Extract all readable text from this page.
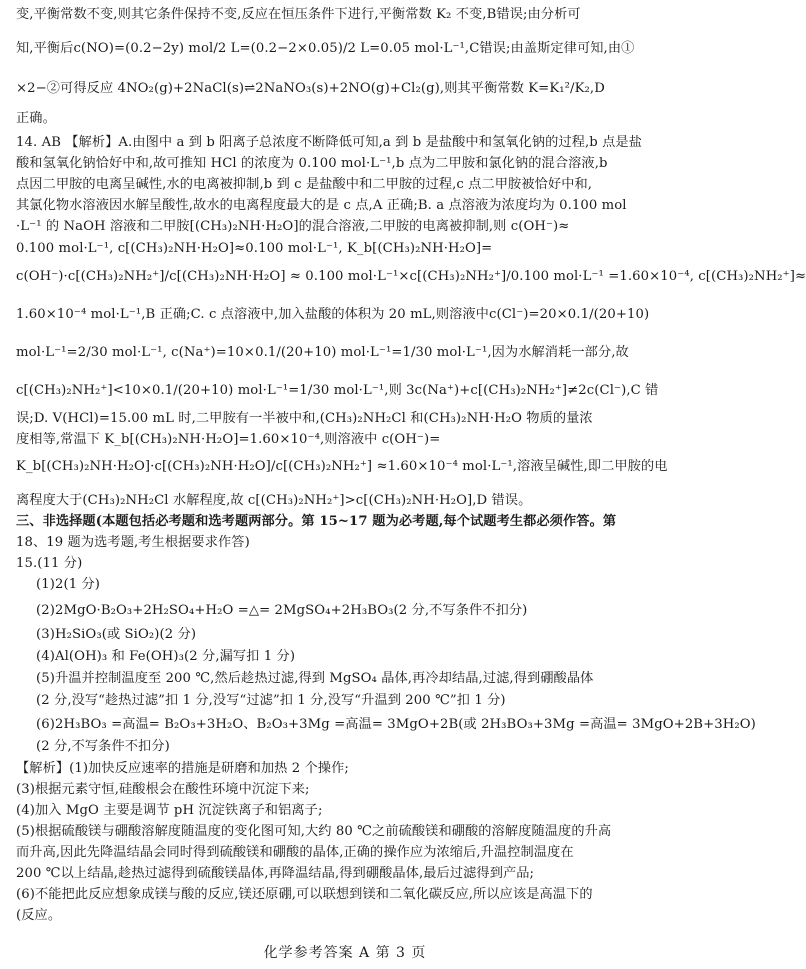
变,平衡常数不变,则其它条件保持不变,反应在恒压条件下进行,平衡常数 K₂ 不变,B错误;由分析可
知,平衡后c(NO)=(0.2−2y) mol/2 L=(0.2−2×0.05)/2 L=0.05 mol·L⁻¹,C错误;由盖斯定律可知,由①
×2−②可得反应 4NO₂(g)+2NaCl(s)⇌2NaNO₃(s)+2NO(g)+Cl₂(g),则其平衡常数 K=K₁²/K₂,D
正确。
14. AB 【解析】A.由图中 a 到 b 阳离子总浓度不断降低可知,a 到 b 是盐酸中和氢氧化钠的过程,b 点是盐
酸和氢氧化钠恰好中和,故可推知 HCl 的浓度为 0.100 mol·L⁻¹,b 点为二甲胺和氯化钠的混合溶液,b
点因二甲胺的电离呈碱性,水的电离被抑制,b 到 c 是盐酸中和二甲胺的过程,c 点二甲胺被恰好中和,
其氯化物水溶液因水解呈酸性,故水的电离程度最大的是 c 点,A 正确;B. a 点溶液为浓度均为 0.100 mol
·L⁻¹ 的 NaOH 溶液和二甲胺[(CH₃)₂NH·H₂O]的混合溶液,二甲胺的电离被抑制,则 c(OH⁻)≈
0.100 mol·L⁻¹, c[(CH₃)₂NH·H₂O]≈0.100 mol·L⁻¹, K_b[(CH₃)₂NH·H₂O]=
c(OH⁻)·c[(CH₃)₂NH₂⁺]/c[(CH₃)₂NH·H₂O] ≈ 0.100 mol·L⁻¹×c[(CH₃)₂NH₂⁺]/0.100 mol·L⁻¹ =1.60×10⁻⁴, c[(CH₃)₂NH₂⁺]≈
1.60×10⁻⁴ mol·L⁻¹,B 正确;C. c 点溶液中,加入盐酸的体积为 20 mL,则溶液中c(Cl⁻)=20×0.1/(20+10)
mol·L⁻¹=2/30 mol·L⁻¹, c(Na⁺)=10×0.1/(20+10) mol·L⁻¹=1/30 mol·L⁻¹,因为水解消耗一部分,故
c[(CH₃)₂NH₂⁺]<10×0.1/(20+10) mol·L⁻¹=1/30 mol·L⁻¹,则 3c(Na⁺)+c[(CH₃)₂NH₂⁺]≠2c(Cl⁻),C 错
误;D. V(HCl)=15.00 mL 时,二甲胺有一半被中和,(CH₃)₂NH₂Cl 和(CH₃)₂NH·H₂O 物质的量浓
度相等,常温下 K_b[(CH₃)₂NH·H₂O]=1.60×10⁻⁴,则溶液中 c(OH⁻)=
K_b[(CH₃)₂NH·H₂O]·c[(CH₃)₂NH·H₂O]/c[(CH₃)₂NH₂⁺] ≈1.60×10⁻⁴ mol·L⁻¹,溶液呈碱性,即二甲胺的电
离程度大于(CH₃)₂NH₂Cl 水解程度,故 c[(CH₃)₂NH₂⁺]>c[(CH₃)₂NH·H₂O],D 错误。
三、非选择题(本题包括必考题和选考题两部分。第 15~17 题为必考题,每个试题考生都必须作答。第
18、19 题为选考题,考生根据要求作答)
15.(11 分)
(1)2(1 分)
(2)2MgO·B₂O₃+2H₂SO₄+H₂O =△= 2MgSO₄+2H₃BO₃(2 分,不写条件不扣分)
(3)H₂SiO₃(或 SiO₂)(2 分)
(4)Al(OH)₃ 和 Fe(OH)₃(2 分,漏写扣 1 分)
(5)升温并控制温度至 200 ℃,然后趁热过滤,得到 MgSO₄ 晶体,再冷却结晶,过滤,得到硼酸晶体
(2 分,没写“趁热过滤”扣 1 分,没写“过滤”扣 1 分,没写“升温到 200 ℃”扣 1 分)
(6)2H₃BO₃ =高温= B₂O₃+3H₂O、B₂O₃+3Mg =高温= 3MgO+2B(或 2H₃BO₃+3Mg =高温= 3MgO+2B+3H₂O)
(2 分,不写条件不扣分)
【解析】(1)加快反应速率的措施是研磨和加热 2 个操作;
(3)根据元素守恒,硅酸根会在酸性环境中沉淀下来;
(4)加入 MgO 主要是调节 pH 沉淀铁离子和铝离子;
(5)根据硫酸镁与硼酸溶解度随温度的变化图可知,大约 80 ℃之前硫酸镁和硼酸的溶解度随温度的升高
而升高,因此先降温结晶会同时得到硫酸镁和硼酸的晶体,正确的操作应为浓缩后,升温控制温度在
200 ℃以上结晶,趁热过滤得到硫酸镁晶体,再降温结晶,得到硼酸晶体,最后过滤得到产品;
(6)不能把此反应想象成镁与酸的反应,镁还原硼,可以联想到镁和二氧化碳反应,所以应该是高温下的
(反应。
化学参考答案 A 第 3 页
